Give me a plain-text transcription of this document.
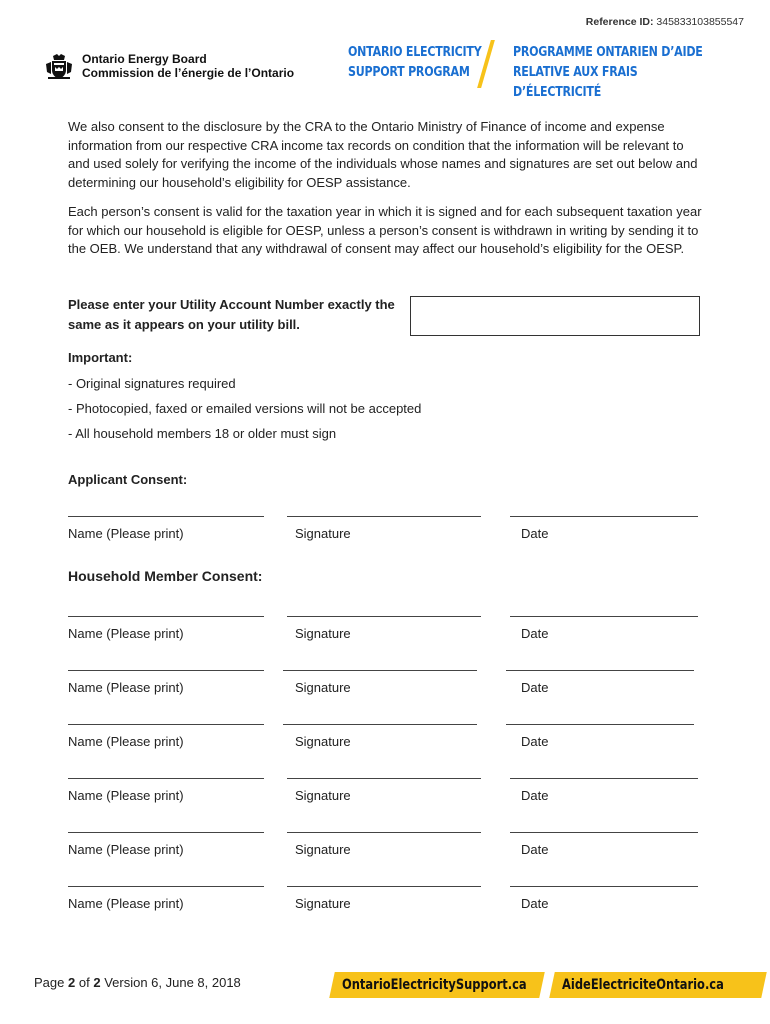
Reference ID: 345833103855547
Ontario Energy Board
Commission de l’énergie de l’Ontario
ONTARIO ELECTRICITY
SUPPORT PROGRAM
PROGRAMME ONTARIEN D’AIDE
RELATIVE AUX FRAIS D’ÉLECTRICITÉ
We also consent to the disclosure by the CRA to the Ontario Ministry of Finance of income and expense information from our respective CRA income tax records on condition that the information will be relevant to and used solely for verifying the income of the individuals whose names and signatures are set out below and determining our household’s eligibility for OESP assistance.
Each person’s consent is valid for the taxation year in which it is signed and for each subsequent taxation year for which our household is eligible for OESP, unless a person’s consent is withdrawn in writing by sending it to the OEB. We understand that any withdrawal of consent may affect our household’s eligibility for the OESP.
Please enter your Utility Account Number exactly the same as it appears on your utility bill.
Important:
- Original signatures required
- Photocopied, faxed or emailed versions will not be accepted
- All household members 18 or older must sign
Applicant Consent:
Name (Please print)	Signature	Date
Household Member Consent:
Name (Please print)	Signature	Date
Name (Please print)	Signature	Date
Name (Please print)	Signature	Date
Name (Please print)	Signature	Date
Name (Please print)	Signature	Date
Name (Please print)	Signature	Date
Page 2 of 2 Version 6, June 8, 2018	OntarioElectricitySupport.ca	AideElectriciteOntario.ca
